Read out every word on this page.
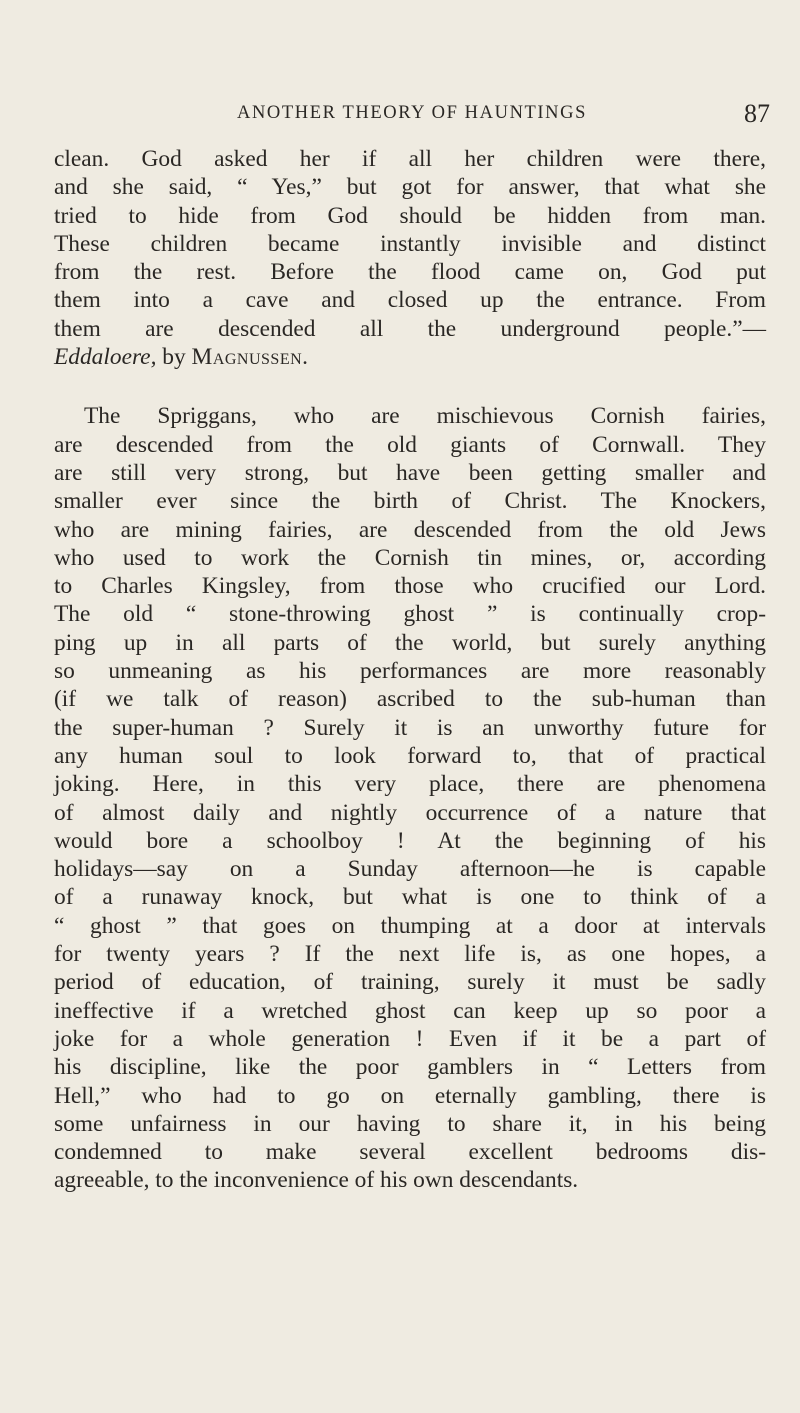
ANOTHER THEORY OF HAUNTINGS	87
clean. God asked her if all her children were there,
and she said, “ Yes,” but got for answer, that what she
tried to hide from God should be hidden from man.
These children became instantly invisible and distinct
from the rest. Before the flood came on, God put
them into a cave and closed up the entrance. From
them are descended all the underground people.”—
Eddaloere, by Magnussen.
The Spriggans, who are mischievous Cornish fairies,
are descended from the old giants of Cornwall. They
are still very strong, but have been getting smaller and
smaller ever since the birth of Christ. The Knockers,
who are mining fairies, are descended from the old Jews
who used to work the Cornish tin mines, or, according
to Charles Kingsley, from those who crucified our Lord.
The old “ stone-throwing ghost ” is continually crop-
ping up in all parts of the world, but surely anything
so unmeaning as his performances are more reasonably
(if we talk of reason) ascribed to the sub-human than
the super-human ? Surely it is an unworthy future for
any human soul to look forward to, that of practical
joking. Here, in this very place, there are phenomena
of almost daily and nightly occurrence of a nature that
would bore a schoolboy ! At the beginning of his
holidays—say on a Sunday afternoon—he is capable
of a runaway knock, but what is one to think of a
“ ghost ” that goes on thumping at a door at intervals
for twenty years ? If the next life is, as one hopes, a
period of education, of training, surely it must be sadly
ineffective if a wretched ghost can keep up so poor a
joke for a whole generation ! Even if it be a part of
his discipline, like the poor gamblers in “ Letters from
Hell,” who had to go on eternally gambling, there is
some unfairness in our having to share it, in his being
condemned to make several excellent bedrooms dis-
agreeable, to the inconvenience of his own descendants.
